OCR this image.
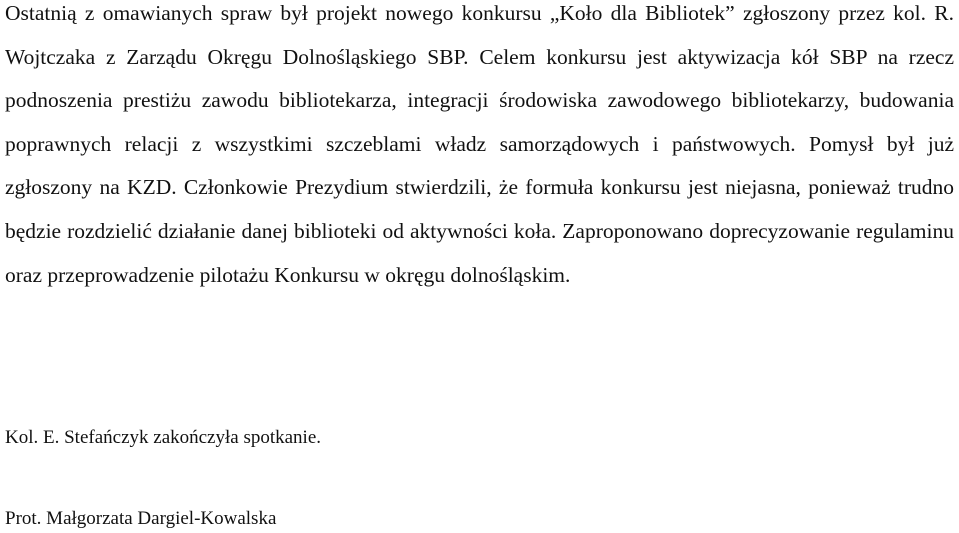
Ostatnią z omawianych spraw był projekt nowego konkursu „Koło dla Bibliotek” zgłoszony przez kol. R. Wojtczaka z Zarządu Okręgu Dolnośląskiego SBP. Celem konkursu jest aktywizacja kół SBP na rzecz podnoszenia prestiżu zawodu bibliotekarza, integracji środowiska zawodowego bibliotekarzy, budowania poprawnych relacji z wszystkimi szczeblami władz samorządowych i państwowych. Pomysł był już zgłoszony na KZD. Członkowie Prezydium stwierdzili, że formuła konkursu jest niejasna, ponieważ trudno będzie rozdzielić działanie danej biblioteki od aktywności koła. Zaproponowano doprecyzowanie regulaminu oraz przeprowadzenie pilotażu Konkursu w okręgu dolnośląskim.

Kol. E. Stefańczyk zakończyła spotkanie.

Prot. Małgorzata Dargiel-Kowalska
